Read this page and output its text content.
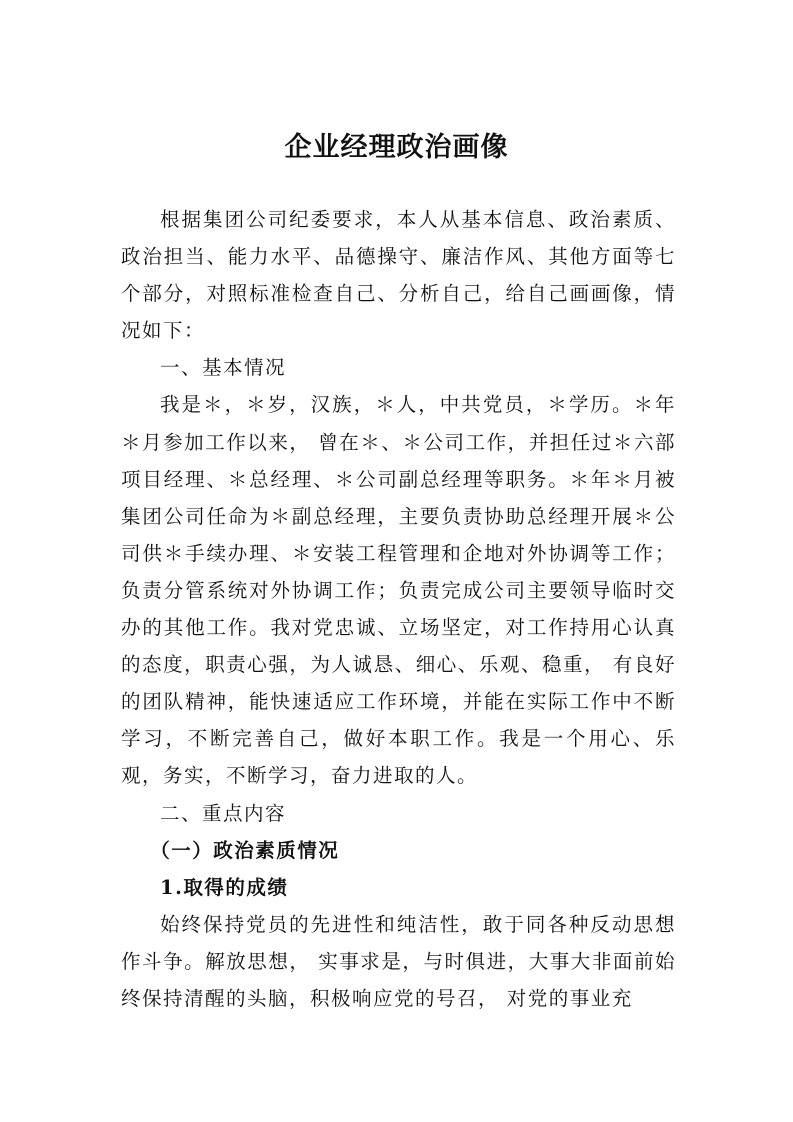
企业经理政治画像

根据集团公司纪委要求，本人从基本信息、政治素质、政治担当、能力水平、品德操守、廉洁作风、其他方面等七个部分，对照标准检查自己、分析自己，给自己画画像，情况如下：

一、基本情况

我是＊，＊岁，汉族，＊人，中共党员，＊学历。＊年＊月参加工作以来， 曾在＊、＊公司工作，并担任过＊六部项目经理、＊总经理、＊公司副总经理等职务。＊年＊月被集团公司任命为＊副总经理，主要负责协助总经理开展＊公司供＊手续办理、＊安装工程管理和企地对外协调等工作；负责分管系统对外协调工作；负责完成公司主要领导临时交办的其他工作。我对党忠诚、立场坚定，对工作持用心认真的态度，职责心强，为人诚恳、细心、乐观、稳重， 有良好的团队精神，能快速适应工作环境，并能在实际工作中不断学习，不断完善自己，做好本职工作。我是一个用心、乐观，务实，不断学习，奋力进取的人。

二、重点内容

（一）政治素质情况

1.取得的成绩

始终保持党员的先进性和纯洁性，敢于同各种反动思想作斗争。解放思想， 实事求是，与时俱进，大事大非面前始终保持清醒的头脑，积极响应党的号召， 对党的事业充
